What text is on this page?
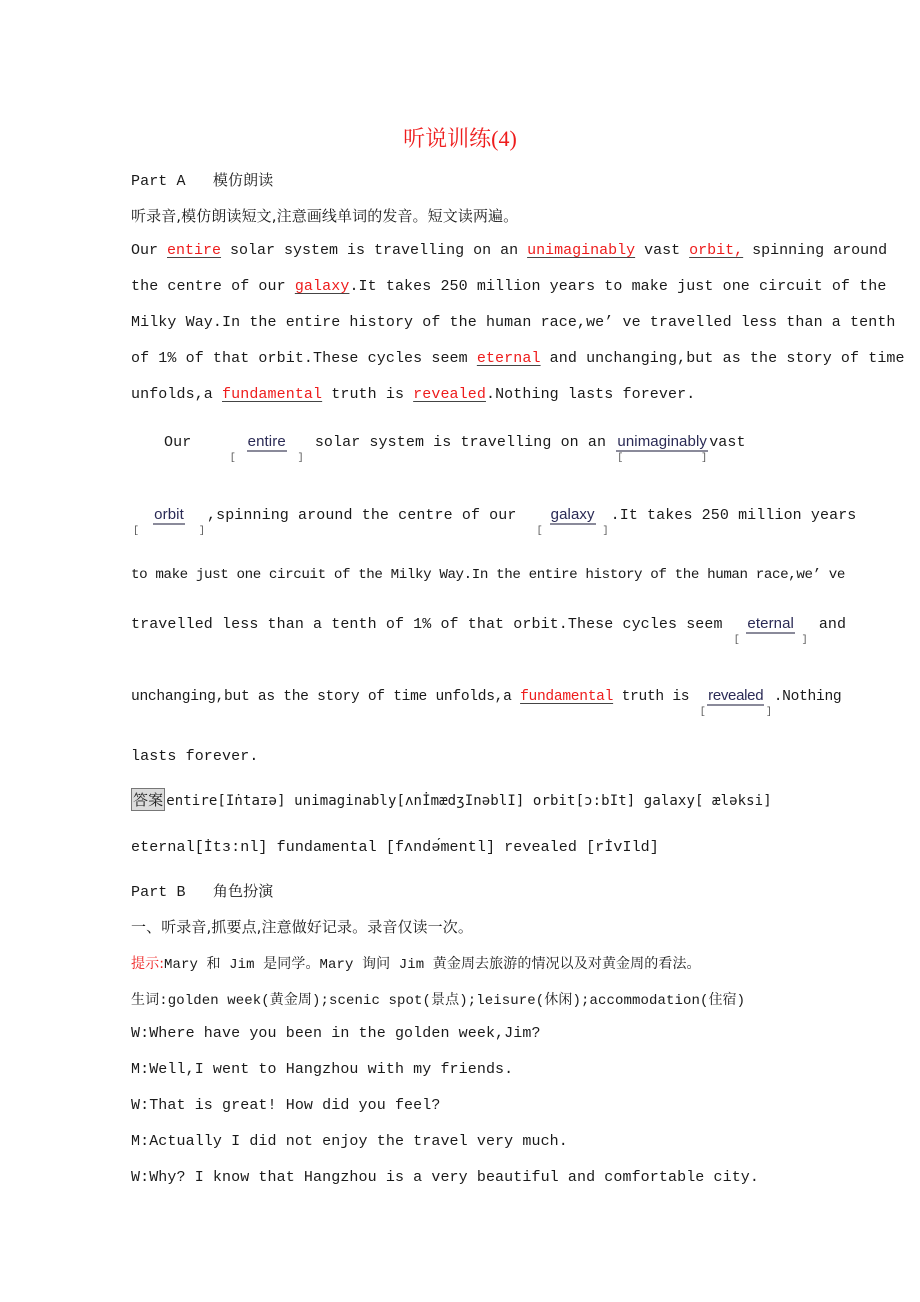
听说训练(4)
Part A 模仿朗读
听录音,模仿朗读短文,注意画线单词的发音。短文读两遍。
Our entire solar system is travelling on an unimaginably vast orbit, spinning around
the centre of our galaxy.It takes 250 million years to make just one circuit of the
Milky Way.In the entire history of the human race,we’ ve travelled less than a tenth
of 1% of that orbit.These cycles seem eternal and unchanging,but as the story of time
unfolds,a fundamental truth is revealed.Nothing lasts forever.
Our	entire
[	]
solar system is travelling on an unimaginably
[	]
vast
orbit
[	]
,spinning around the centre of our galaxy
[	]
.It takes 250 million years
to make just one circuit of the Milky Way.In the entire history of the human race,we’ ve
travelled less than a tenth of 1% of that orbit.These cycles seem eternal
[	]
and
unchanging,but as the story of time unfolds,a fundamental truth is revealed
[	]
.Nothing
lasts forever.
答案 entire[Iṅtaɪə] unimaginably[ʌnİmædʒInəblI] orbit[ɔ:bIt] galaxy[ æləksi]
eternal[İtɜ:nl] fundamental [fʌndə́mentl] revealed [rİvIld]
Part B 角色扮演
一、听录音,抓要点,注意做好记录。录音仅读一次。
提示:Mary 和 Jim 是同学。Mary 询问 Jim 黄金周去旅游的情况以及对黄金周的看法。
生词:golden week(黄金周);scenic spot(景点);leisure(休闲);accommodation(住宿)
W:Where have you been in the golden week,Jim?
M:Well,I went to Hangzhou with my friends.
W:That is great! How did you feel?
M:Actually I did not enjoy the travel very much.
W:Why? I know that Hangzhou is a very beautiful and comfortable city.
